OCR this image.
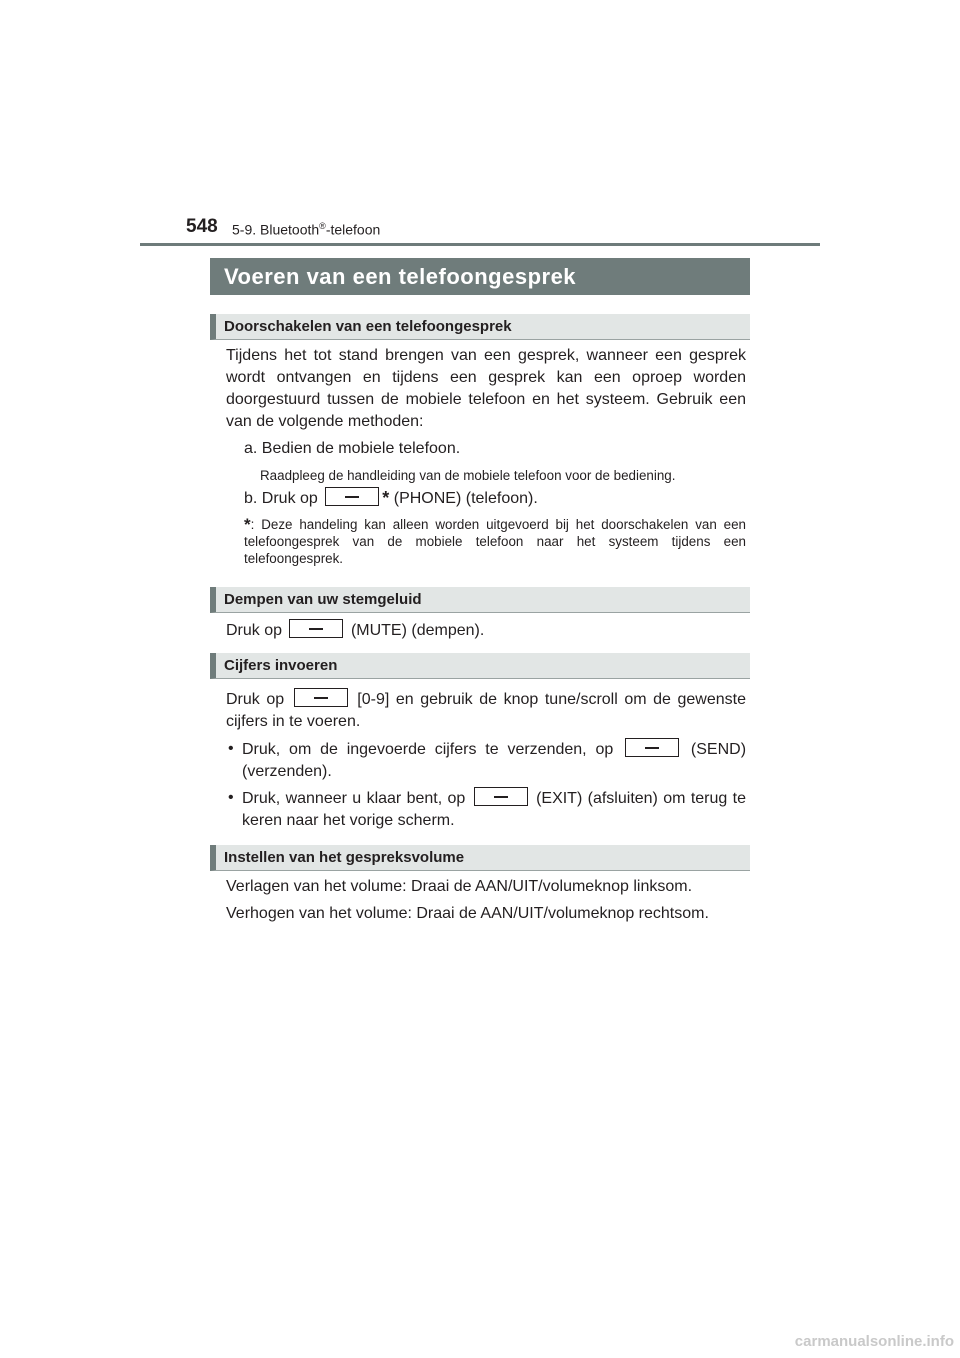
548 5-9. Bluetooth®-telefoon
Voeren van een telefoongesprek
Doorschakelen van een telefoongesprek
Tijdens het tot stand brengen van een gesprek, wanneer een gesprek wordt ontvangen en tijdens een gesprek kan een oproep worden doorgestuurd tussen de mobiele telefoon en het systeem. Gebruik een van de volgende methoden:
a. Bedien de mobiele telefoon.
Raadpleeg de handleiding van de mobiele telefoon voor de bediening.
b. Druk op	* (PHONE) (telefoon).
*: Deze handeling kan alleen worden uitgevoerd bij het doorschakelen van een telefoongesprek van de mobiele telefoon naar het systeem tijdens een telefoongesprek.
Dempen van uw stemgeluid
Druk op	(MUTE) (dempen).
Cijfers invoeren
Druk op	[0-9] en gebruik de knop tune/scroll om de gewenste cijfers in te voeren.
• Druk, om de ingevoerde cijfers te verzenden, op	(SEND) (verzenden).
• Druk, wanneer u klaar bent, op	(EXIT) (afsluiten) om terug te keren naar het vorige scherm.
Instellen van het gespreksvolume
Verlagen van het volume: Draai de AAN/UIT/volumeknop linksom.
Verhogen van het volume: Draai de AAN/UIT/volumeknop rechtsom.
carmanualsonline.info
